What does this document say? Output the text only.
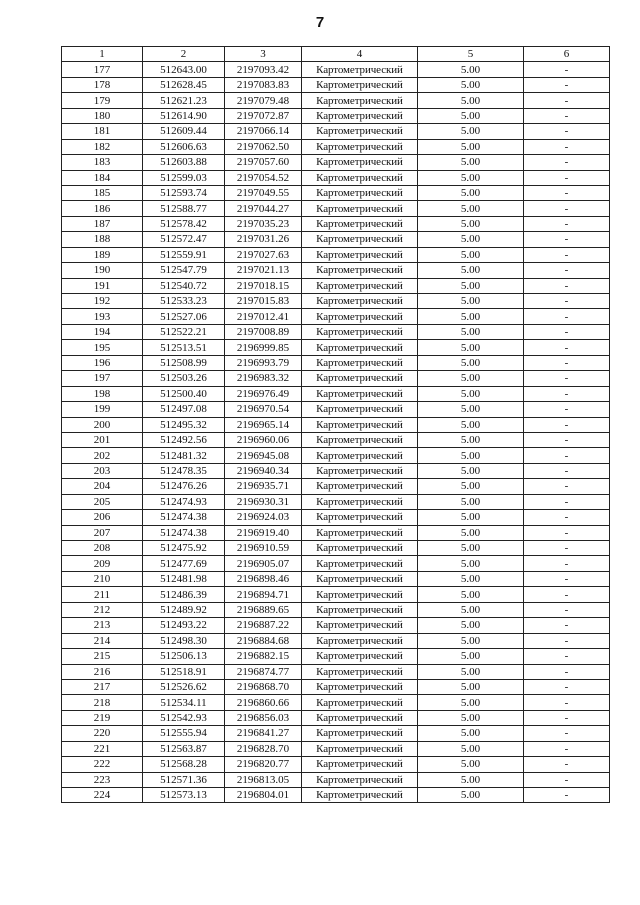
7
1	2	3	4	5	6
177	512643.00	2197093.42	Картометрический	5.00	-
178	512628.45	2197083.83	Картометрический	5.00	-
179	512621.23	2197079.48	Картометрический	5.00	-
180	512614.90	2197072.87	Картометрический	5.00	-
181	512609.44	2197066.14	Картометрический	5.00	-
182	512606.63	2197062.50	Картометрический	5.00	-
183	512603.88	2197057.60	Картометрический	5.00	-
184	512599.03	2197054.52	Картометрический	5.00	-
185	512593.74	2197049.55	Картометрический	5.00	-
186	512588.77	2197044.27	Картометрический	5.00	-
187	512578.42	2197035.23	Картометрический	5.00	-
188	512572.47	2197031.26	Картометрический	5.00	-
189	512559.91	2197027.63	Картометрический	5.00	-
190	512547.79	2197021.13	Картометрический	5.00	-
191	512540.72	2197018.15	Картометрический	5.00	-
192	512533.23	2197015.83	Картометрический	5.00	-
193	512527.06	2197012.41	Картометрический	5.00	-
194	512522.21	2197008.89	Картометрический	5.00	-
195	512513.51	2196999.85	Картометрический	5.00	-
196	512508.99	2196993.79	Картометрический	5.00	-
197	512503.26	2196983.32	Картометрический	5.00	-
198	512500.40	2196976.49	Картометрический	5.00	-
199	512497.08	2196970.54	Картометрический	5.00	-
200	512495.32	2196965.14	Картометрический	5.00	-
201	512492.56	2196960.06	Картометрический	5.00	-
202	512481.32	2196945.08	Картометрический	5.00	-
203	512478.35	2196940.34	Картометрический	5.00	-
204	512476.26	2196935.71	Картометрический	5.00	-
205	512474.93	2196930.31	Картометрический	5.00	-
206	512474.38	2196924.03	Картометрический	5.00	-
207	512474.38	2196919.40	Картометрический	5.00	-
208	512475.92	2196910.59	Картометрический	5.00	-
209	512477.69	2196905.07	Картометрический	5.00	-
210	512481.98	2196898.46	Картометрический	5.00	-
211	512486.39	2196894.71	Картометрический	5.00	-
212	512489.92	2196889.65	Картометрический	5.00	-
213	512493.22	2196887.22	Картометрический	5.00	-
214	512498.30	2196884.68	Картометрический	5.00	-
215	512506.13	2196882.15	Картометрический	5.00	-
216	512518.91	2196874.77	Картометрический	5.00	-
217	512526.62	2196868.70	Картометрический	5.00	-
218	512534.11	2196860.66	Картометрический	5.00	-
219	512542.93	2196856.03	Картометрический	5.00	-
220	512555.94	2196841.27	Картометрический	5.00	-
221	512563.87	2196828.70	Картометрический	5.00	-
222	512568.28	2196820.77	Картометрический	5.00	-
223	512571.36	2196813.05	Картометрический	5.00	-
224	512573.13	2196804.01	Картометрический	5.00	-
